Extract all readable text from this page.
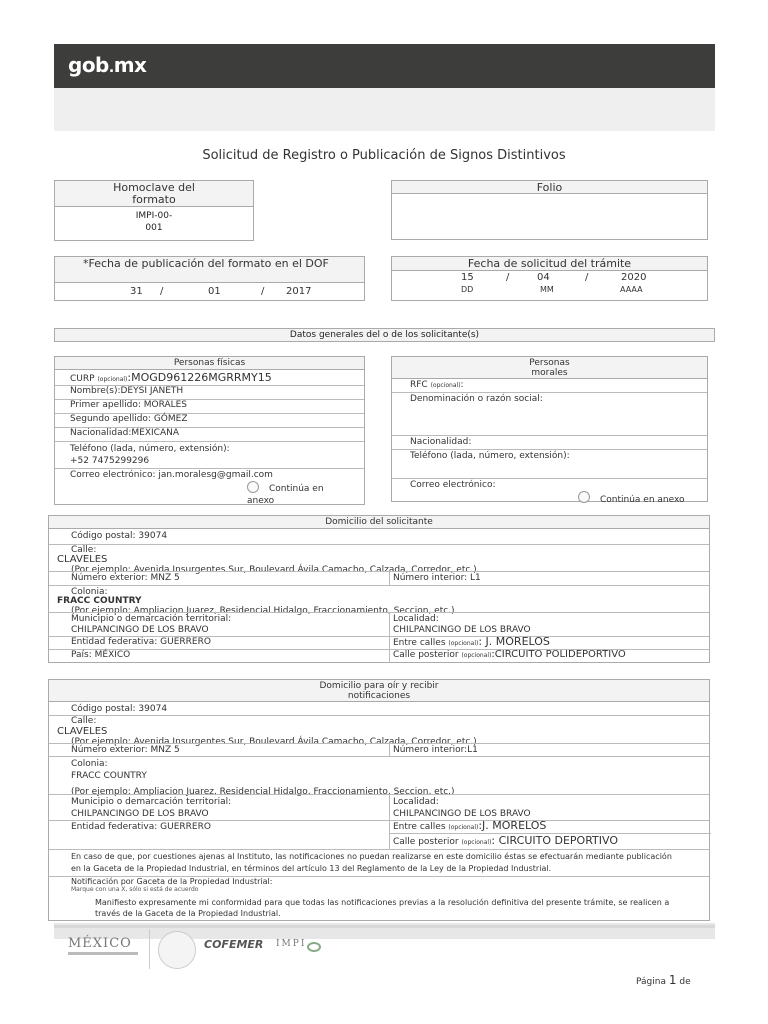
gob.mx
Solicitud de Registro o Publicación de Signos Distintivos
Homoclave del
formato
IMPI-00-
001
Folio
*Fecha de publicación del formato en el DOF
31 /	01	/ 2017
Fecha de solicitud del trámite
15	/	04	/	2020
DD	MM	AAAA
Datos generales del o de los solicitante(s)
Personas físicas
CURP (opcional):MOGD961226MGRRMY15
Nombre(s):DEYSI JANETH
Primer apellido: MORALES
Segundo apellido: GÓMEZ
Nacionalidad:MEXICANA
Teléfono (lada, número, extensión):
+52 7475299296
Correo electrónico: jan.moralesg@gmail.com
Continúa en
anexo
Personas
morales
RFC (opcional):
Denominación o razón social:
Nacionalidad:
Teléfono (lada, número, extensión):
Correo electrónico:
Continúa en anexo
Domicilio del solicitante
Código postal: 39074
Calle:
CLAVELES
(Por ejemplo: Avenida Insurgentes Sur, Boulevard Ávila Camacho, Calzada, Corredor, etc.)
Número exterior: MNZ 5	Número interior: L1
Colonia:
FRACC COUNTRY
(Por ejemplo: Ampliacion Juarez, Residencial Hidalgo, Fraccionamiento, Seccion, etc.)
Municipio o demarcación territorial:
CHILPANCINGO DE LOS BRAVO
Localidad:
CHILPANCINGO DE LOS BRAVO
Entidad federativa: GUERRERO	Entre calles (opcional): J. MORELOS
País: MÉXICO	Calle posterior (opcional):CIRCUITO POLIDEPORTIVO
Domicilio para oír y recibir
notificaciones
Código postal: 39074
Calle:
CLAVELES
(Por ejemplo: Avenida Insurgentes Sur, Boulevard Ávila Camacho, Calzada, Corredor, etc.)
Número exterior: MNZ 5	Número interior:L1
Colonia:
FRACC COUNTRY
(Por ejemplo: Ampliacion Juarez, Residencial Hidalgo, Fraccionamiento, Seccion, etc.)
Municipio o demarcación territorial:
CHILPANCINGO DE LOS BRAVO
Localidad:
CHILPANCINGO DE LOS BRAVO
Entidad federativa: GUERRERO	Entre calles (opcional):J. MORELOS
Calle posterior (opcional): CIRCUITO DEPORTIVO
En caso de que, por cuestiones ajenas al Instituto, las notificaciones no puedan realizarse en este domicilio éstas se efectuarán mediante publicación en la Gaceta de la Propiedad Industrial, en términos del artículo 13 del Reglamento de la Ley de la Propiedad Industrial.
Notificación por Gaceta de la Propiedad Industrial:
Marque con una X, sólo si está de acuerdo
Manifiesto expresamente mi conformidad para que todas las notificaciones previas a la resolución definitiva del presente trámite, se realicen a través de la Gaceta de la Propiedad Industrial.
MÉXICO	COFEMER IMPI
Página 1 de
